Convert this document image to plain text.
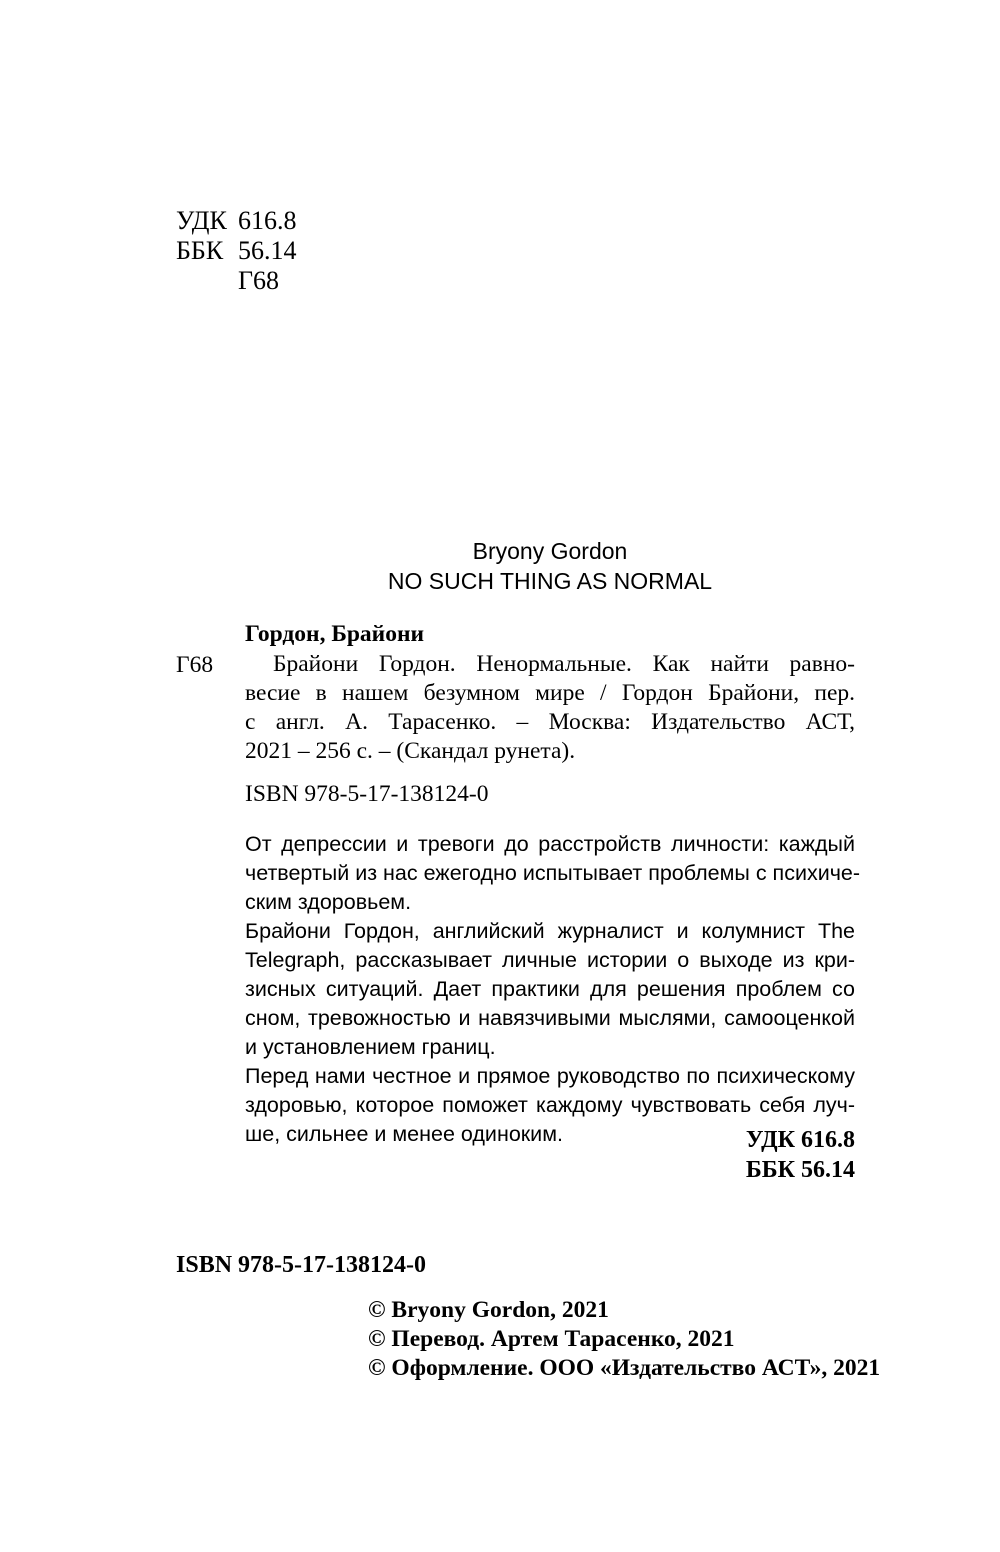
УДК 616.8
ББК 56.14
Г68
Bryony Gordon
NO SUCH THING AS NORMAL
Гордон, Брайони
Г68	Брайони Гордон. Ненормальные. Как найти равно-
весие в нашем безумном мире / Гордон Брайони, пер.
с англ. А. Тарасенко. – Москва: Издательство АСТ,
2021 – 256 с. – (Скандал рунета).
ISBN 978-5-17-138124-0
От депрессии и тревоги до расстройств личности: каждый
четвертый из нас ежегодно испытывает проблемы с психиче-
ским здоровьем.
Брайони Гордон, английский журналист и колумнист The
Telegraph, рассказывает личные истории о выходе из кри-
зисных ситуаций. Дает практики для решения проблем со
сном, тревожностью и навязчивыми мыслями, самооценкой
и установлением границ.
Перед нами честное и прямое руководство по психическому
здоровью, которое поможет каждому чувствовать себя луч-
ше, сильнее и менее одиноким.	УДК 616.8
ББК 56.14
ISBN 978-5-17-138124-0
© Bryony Gordon, 2021
© Перевод. Артем Тарасенко, 2021
© Оформление. ООО «Издательство АСТ», 2021
